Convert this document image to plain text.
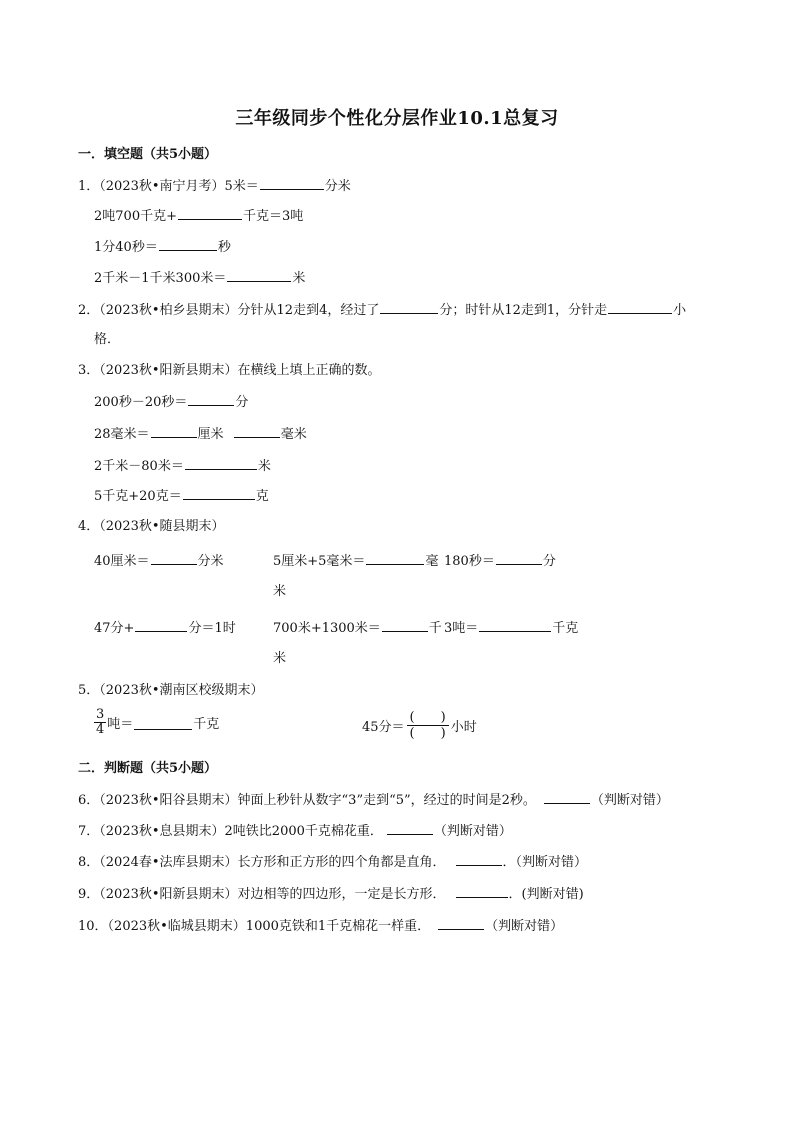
三年级同步个性化分层作业10.1总复习
一．填空题（共5小题）
1．（2023秋•南宁月考）5米＝	分米
2吨700千克+	千克＝3吨
1分40秒＝	秒
2千米－1千米300米＝	米
2．（2023秋•柏乡县期末）分针从12走到4，经过了	分；时针从12走到1，分针走	小
格．
3．（2023秋•阳新县期末）在横线上填上正确的数。
200秒－20秒＝	分
28毫米＝	厘米	毫米
2千米－80米＝	米
5千克+20克＝	克
4．（2023秋•随县期末）
40厘米＝	分米	5厘米+5毫米＝	毫 180秒＝	分
米
47分+	分＝1时	700米+1300米＝	千 3吨＝	千克
米
5．（2023秋•潮南区校级期末）
$\frac{3}{4}$ 吨＝	千克	45分＝
(　　)
(　　) 小时
二．判断题（共5小题）
6．（2023秋•阳谷县期末）钟面上秒针从数字“3”走到“5”，经过的时间是2秒。	（判断对错）
7．（2023秋•息县期末）2吨铁比2000千克棉花重．	（判断对错）
8．（2024春•法库县期末）长方形和正方形的四个角都是直角．	．（判断对错）
9．（2023秋•阳新县期末）对边相等的四边形，一定是长方形．	．(判断对错)
10．（2023秋•临城县期末）1000克铁和1千克棉花一样重．	（判断对错）
